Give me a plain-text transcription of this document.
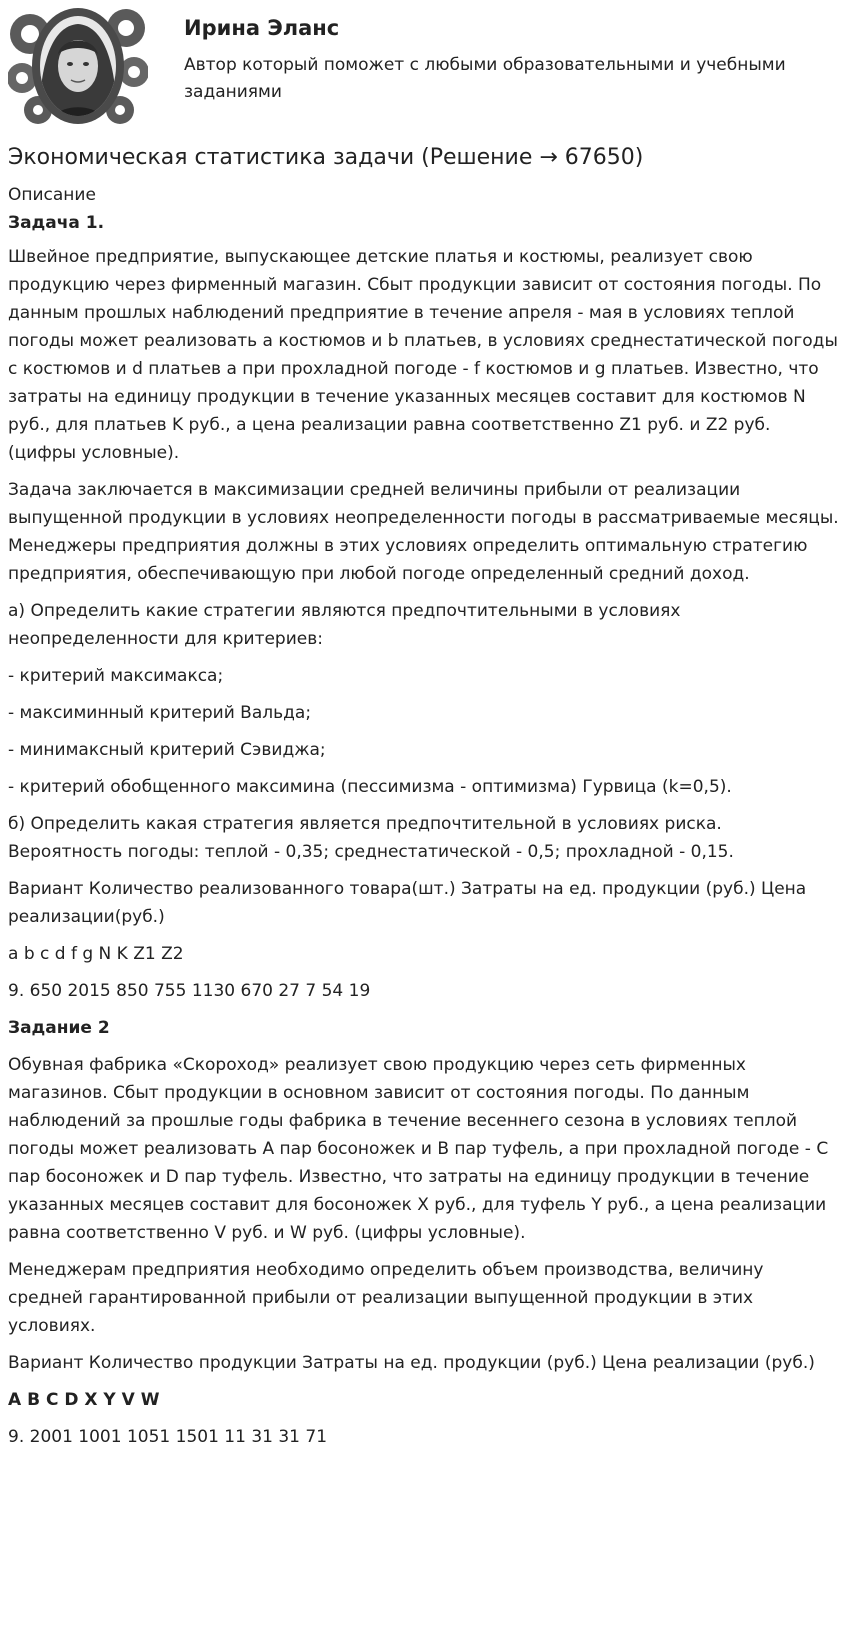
Ирина Эланс

Автор который поможет с любыми образовательными и учебными заданиями

Экономическая статистика задачи (Решение → 67650)

Описание

Задача 1.

Швейное предприятие, выпускающее детские платья и костюмы, реализует свою продукцию через фирменный магазин. Сбыт продукции зависит от состояния погоды. По данным прошлых наблюдений предприятие в течение апреля - мая в условиях теплой погоды может реализовать a костюмов и b платьев, в условиях среднестатической погоды с костюмов и d платьев а при прохладной погоде - f костюмов и g платьев. Известно, что затраты на единицу продукции в течение указанных месяцев составит для костюмов N руб., для платьев K руб., а цена реализации равна соответственно Z1 руб. и Z2 руб. (цифры условные).

Задача заключается в максимизации средней величины прибыли от реализации выпущенной продукции в условиях неопределенности погоды в рассматриваемые месяцы. Менеджеры предприятия должны в этих условиях определить оптимальную стратегию предприятия, обеспечивающую при любой погоде определенный средний доход.

а) Определить какие стратегии являются предпочтительными в условиях неопределенности для критериев:

- критерий максимакса;

- максиминный критерий Вальда;

- минимаксный критерий Сэвиджа;

- критерий обобщенного максимина (пессимизма - оптимизма) Гурвица (k=0,5).

б) Определить какая стратегия является предпочтительной в условиях риска. Вероятность погоды: теплой - 0,35; среднестатической - 0,5; прохладной - 0,15.

Вариант Количество реализованного товара(шт.) Затраты на ед. продукции (руб.) Цена реализации(руб.)

a b c d f g N K Z1 Z2

9. 650 2015 850 755 1130 670 27 7 54 19

Задание 2

Обувная фабрика «Скороход» реализует свою продукцию через сеть фирменных магазинов. Сбыт продукции в основном зависит от состояния погоды. По данным наблюдений за прошлые годы фабрика в течение весеннего сезона в условиях теплой погоды может реализовать A пар босоножек и B пар туфель, а при прохладной погоде - C пар босоножек и D пар туфель. Известно, что затраты на единицу продукции в течение указанных месяцев составит для босоножек X руб., для туфель Y руб., а цена реализации равна соответственно V руб. и W руб. (цифры условные).

Менеджерам предприятия необходимо определить объем производства, величину средней гарантированной прибыли от реализации выпущенной продукции в этих условиях.

Вариант Количество продукции Затраты на ед. продукции (руб.) Цена реализации (руб.)

A B C D X Y V W

9. 2001 1001 1051 1501 11 31 31 71
